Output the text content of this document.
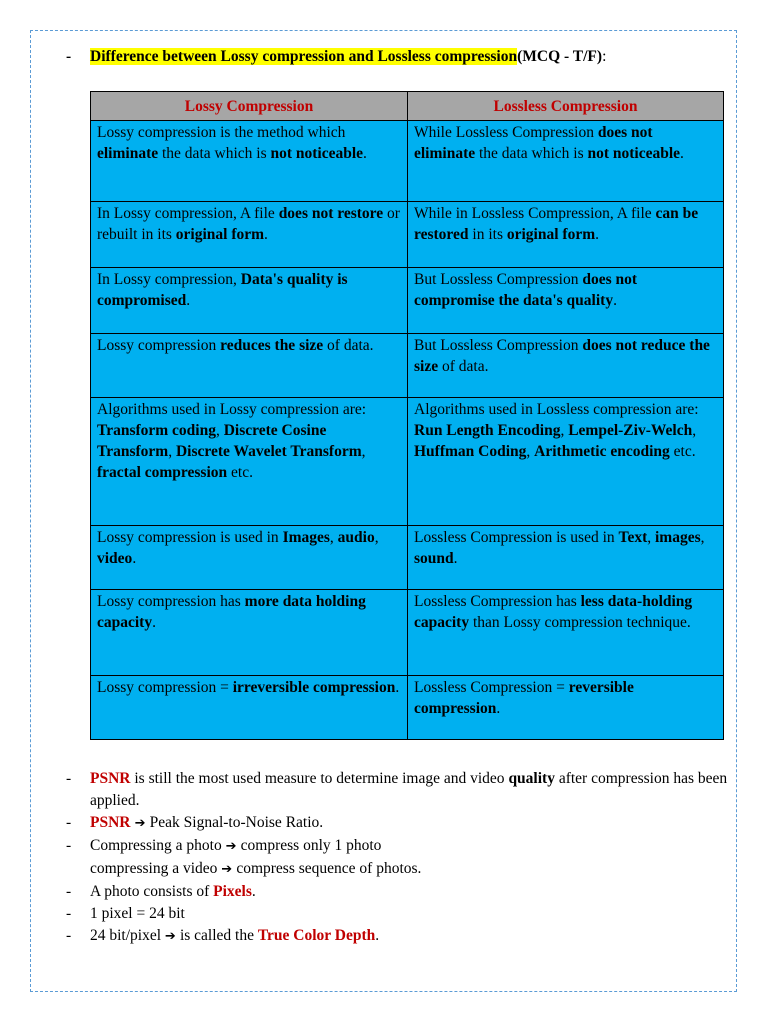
- Difference between Lossy compression and Lossless compression(MCQ - T/F):
Lossy Compression	Lossless Compression
Lossy compression is the method which eliminate the data which is not noticeable.	While Lossless Compression does not eliminate the data which is not noticeable.
In Lossy compression, A file does not restore or rebuilt in its original form.	While in Lossless Compression, A file can be restored in its original form.
In Lossy compression, Data's quality is compromised.	But Lossless Compression does not compromise the data's quality.
Lossy compression reduces the size of data.	But Lossless Compression does not reduce the size of data.
Algorithms used in Lossy compression are: Transform coding, Discrete Cosine Transform, Discrete Wavelet Transform, fractal compression etc.	Algorithms used in Lossless compression are: Run Length Encoding, Lempel-Ziv-Welch, Huffman Coding, Arithmetic encoding etc.
Lossy compression is used in Images, audio, video.	Lossless Compression is used in Text, images, sound.
Lossy compression has more data holding capacity.	Lossless Compression has less data-holding capacity than Lossy compression technique.
Lossy compression = irreversible compression.	Lossless Compression = reversible compression.
-	PSNR is still the most used measure to determine image and video quality after compression has been applied.
-	PSNR ➔ Peak Signal-to-Noise Ratio.
-	Compressing a photo ➔ compress only 1 photo
compressing a video ➔ compress sequence of photos.
-	A photo consists of Pixels.
-	1 pixel = 24 bit
-	24 bit/pixel ➔ is called the True Color Depth.
